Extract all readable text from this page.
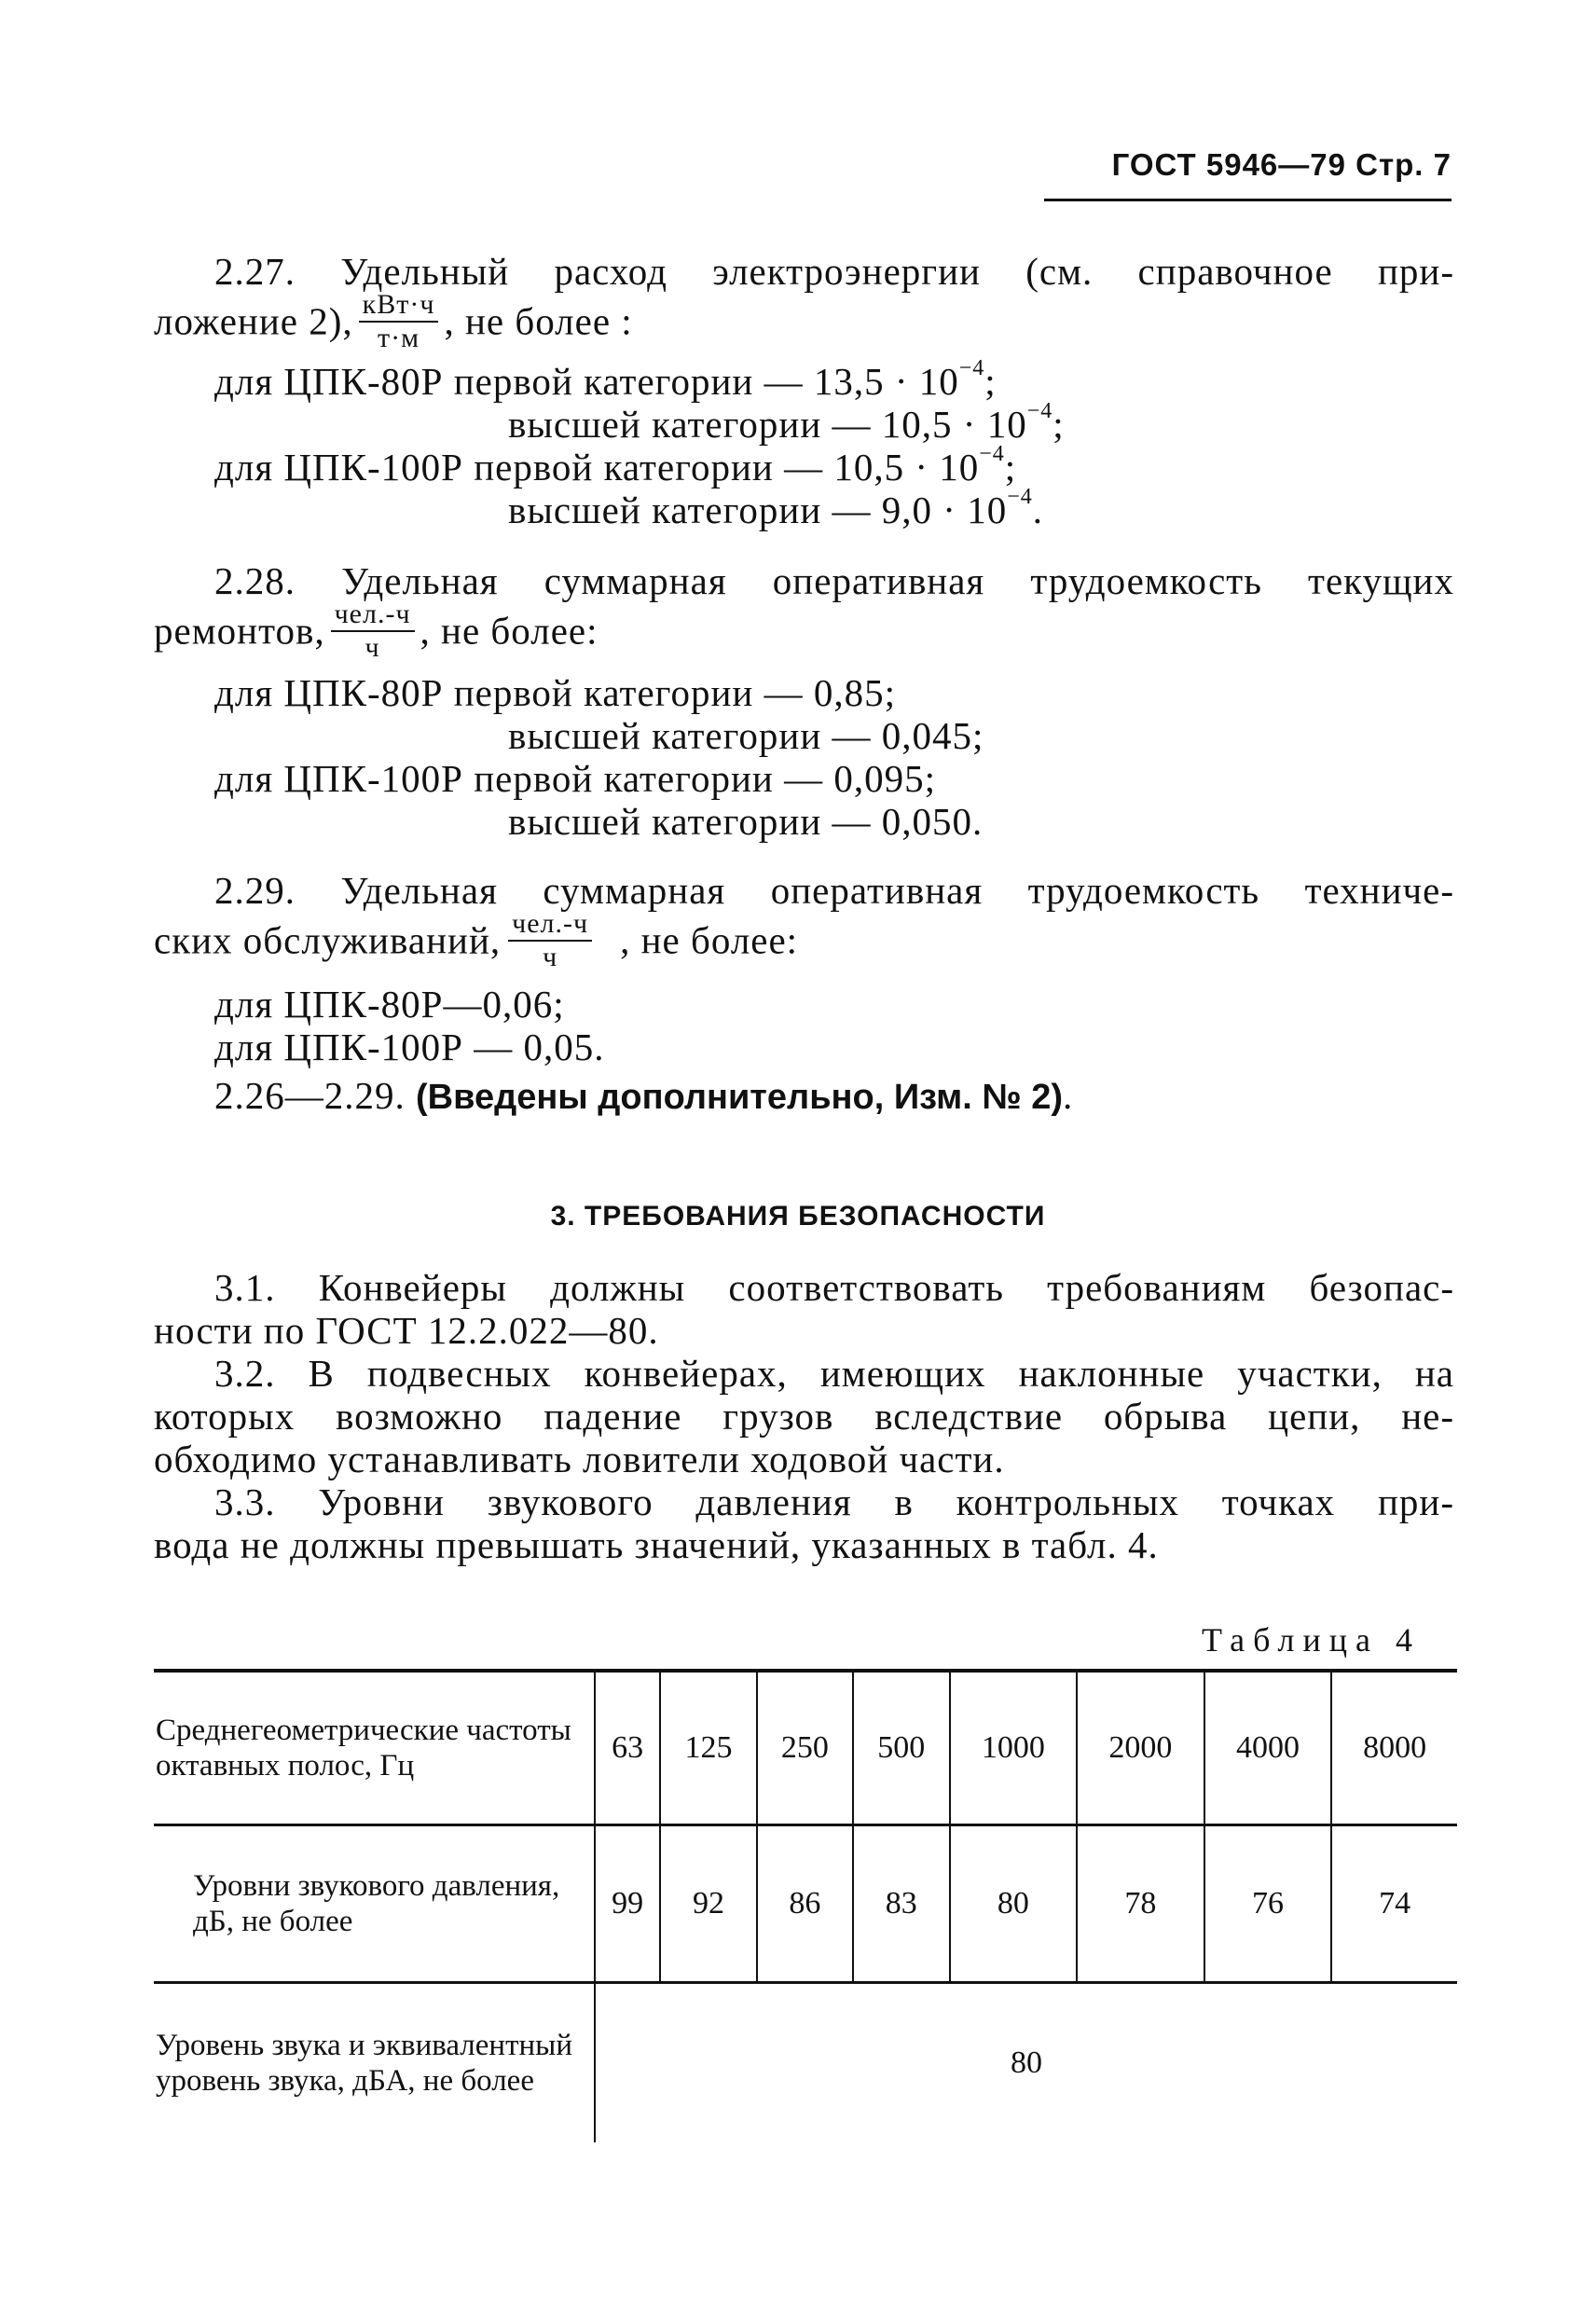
ГОСТ 5946—79 Стр. 7
2.27. Удельный расход электроэнергии (см. справочное при-
ложение 2), $\frac{\text{кВт·ч}}{т\cdot м}$ , не более :
для ЦПК-80Р первой категории — $13,5 \cdot 10^{-4}$;
высшей категории — $10,5 \cdot 10^{-4}$;
для ЦПК-100Р первой категории — $10,5 \cdot 10^{-4}$;
высшей категории — $9,0 \cdot 10^{-4}$.
2.28. Удельная суммарная оперативная трудоемкость текущих
ремонтов, $\frac{\text{чел.-ч}}{ч}$ , не более:
для ЦПК-80Р первой категории — 0,85;
высшей категории — 0,045;
для ЦПК-100Р первой категории — 0,095;
высшей категории — 0,050.
2.29. Удельная суммарная оперативная трудоемкость техниче-
ских обслуживаний, $\frac{\text{чел.-ч}}{ч}$ , не более:
для ЦПК-80Р—0,06;
для ЦПК-100Р — 0,05.
2.26—2.29. (Введены дополнительно, Изм. № 2).
3. ТРЕБОВАНИЯ БЕЗОПАСНОСТИ
3.1. Конвейеры должны соответствовать требованиям безопас-
ности по ГОСТ 12.2.022—80.
3.2. В подвесных конвейерах, имеющих наклонные участки, на
которых возможно падение грузов вследствие обрыва цепи, не-
обходимо устанавливать ловители ходовой части.
3.3. Уровни звукового давления в контрольных точках при-
вода не должны превышать значений, указанных в табл. 4.
Таблица 4
Среднегеометрические частоты октавных полос, Гц	63	125	250	500	1000	2000	4000	8000

Уровни звукового давления, дБ, не более	99	92	86	83	80	78	76	74

Уровень звука и эквивалентный уровень звука, дБА, не более	80							
